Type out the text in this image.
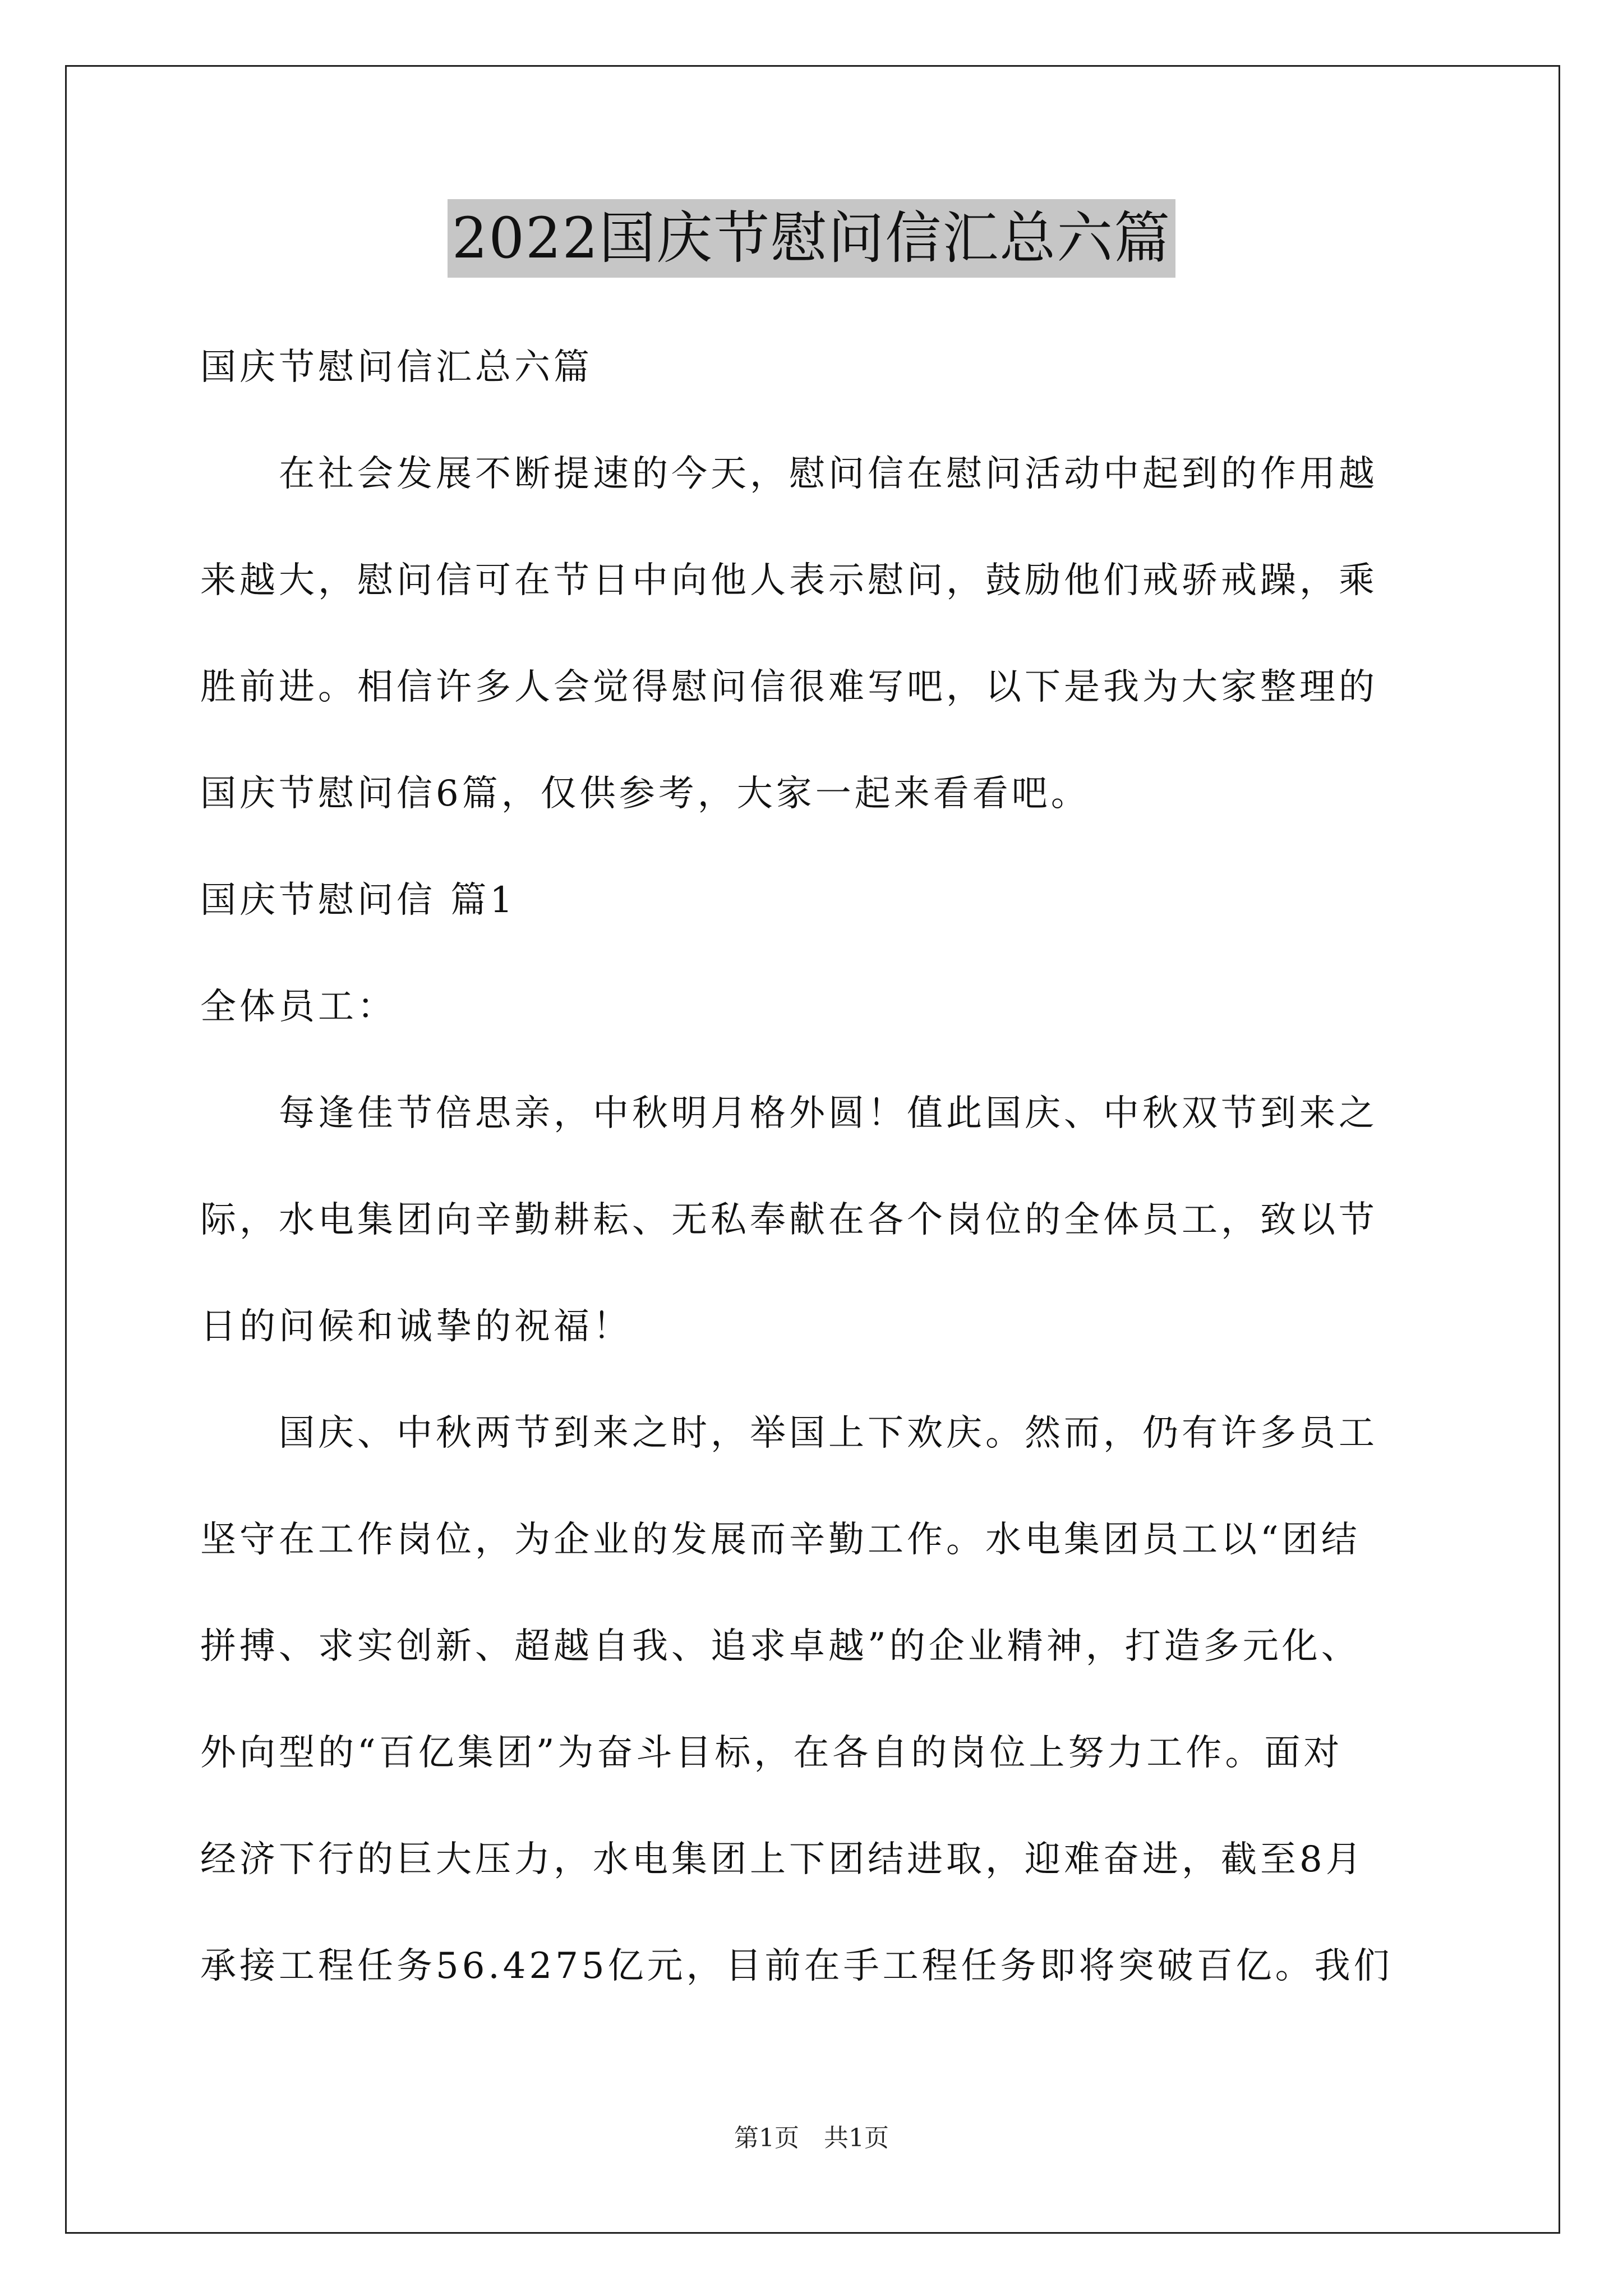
2022国庆节慰问信汇总六篇

国庆节慰问信汇总六篇

在社会发展不断提速的今天，慰问信在慰问活动中起到的作用越

来越大，慰问信可在节日中向他人表示慰问，鼓励他们戒骄戒躁，乘

胜前进。相信许多人会觉得慰问信很难写吧，以下是我为大家整理的

国庆节慰问信6篇，仅供参考，大家一起来看看吧。

国庆节慰问信 篇1

全体员工：

每逢佳节倍思亲，中秋明月格外圆！值此国庆、中秋双节到来之

际，水电集团向辛勤耕耘、无私奉献在各个岗位的全体员工，致以节

日的问候和诚挚的祝福！

国庆、中秋两节到来之时，举国上下欢庆。然而，仍有许多员工

坚守在工作岗位，为企业的发展而辛勤工作。水电集团员工以“团结

拼搏、求实创新、超越自我、追求卓越”的企业精神，打造多元化、

外向型的“百亿集团”为奋斗目标，在各自的岗位上努力工作。面对

经济下行的巨大压力，水电集团上下团结进取，迎难奋进，截至8月

承接工程任务56.4275亿元，目前在手工程任务即将突破百亿。我们

第1页　共1页
